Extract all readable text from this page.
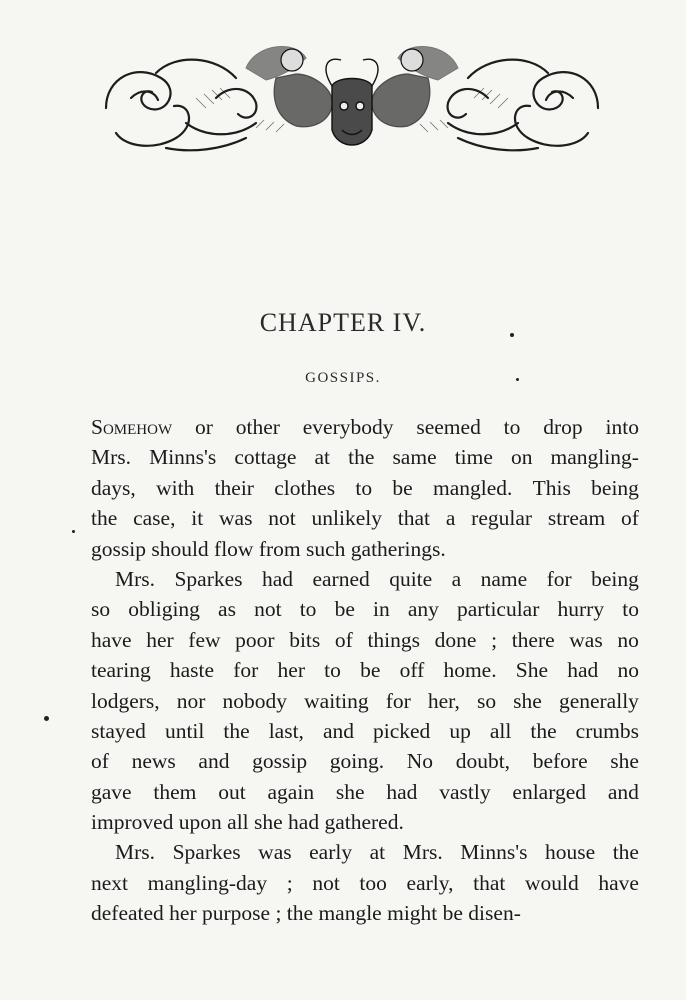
CHAPTER IV.
GOSSIPS.
Somehow or other everybody seemed to drop into
Mrs. Minns's cottage at the same time on mangling-
days, with their clothes to be mangled. This being
the case, it was not unlikely that a regular stream of
gossip should flow from such gatherings.
Mrs. Sparkes had earned quite a name for being
so obliging as not to be in any particular hurry to
have her few poor bits of things done ; there was no
tearing haste for her to be off home. She had no
lodgers, nor nobody waiting for her, so she generally
stayed until the last, and picked up all the crumbs
of news and gossip going. No doubt, before she
gave them out again she had vastly enlarged and
improved upon all she had gathered.
Mrs. Sparkes was early at Mrs. Minns's house the
next mangling-day ; not too early, that would have
defeated her purpose ; the mangle might be disen-
